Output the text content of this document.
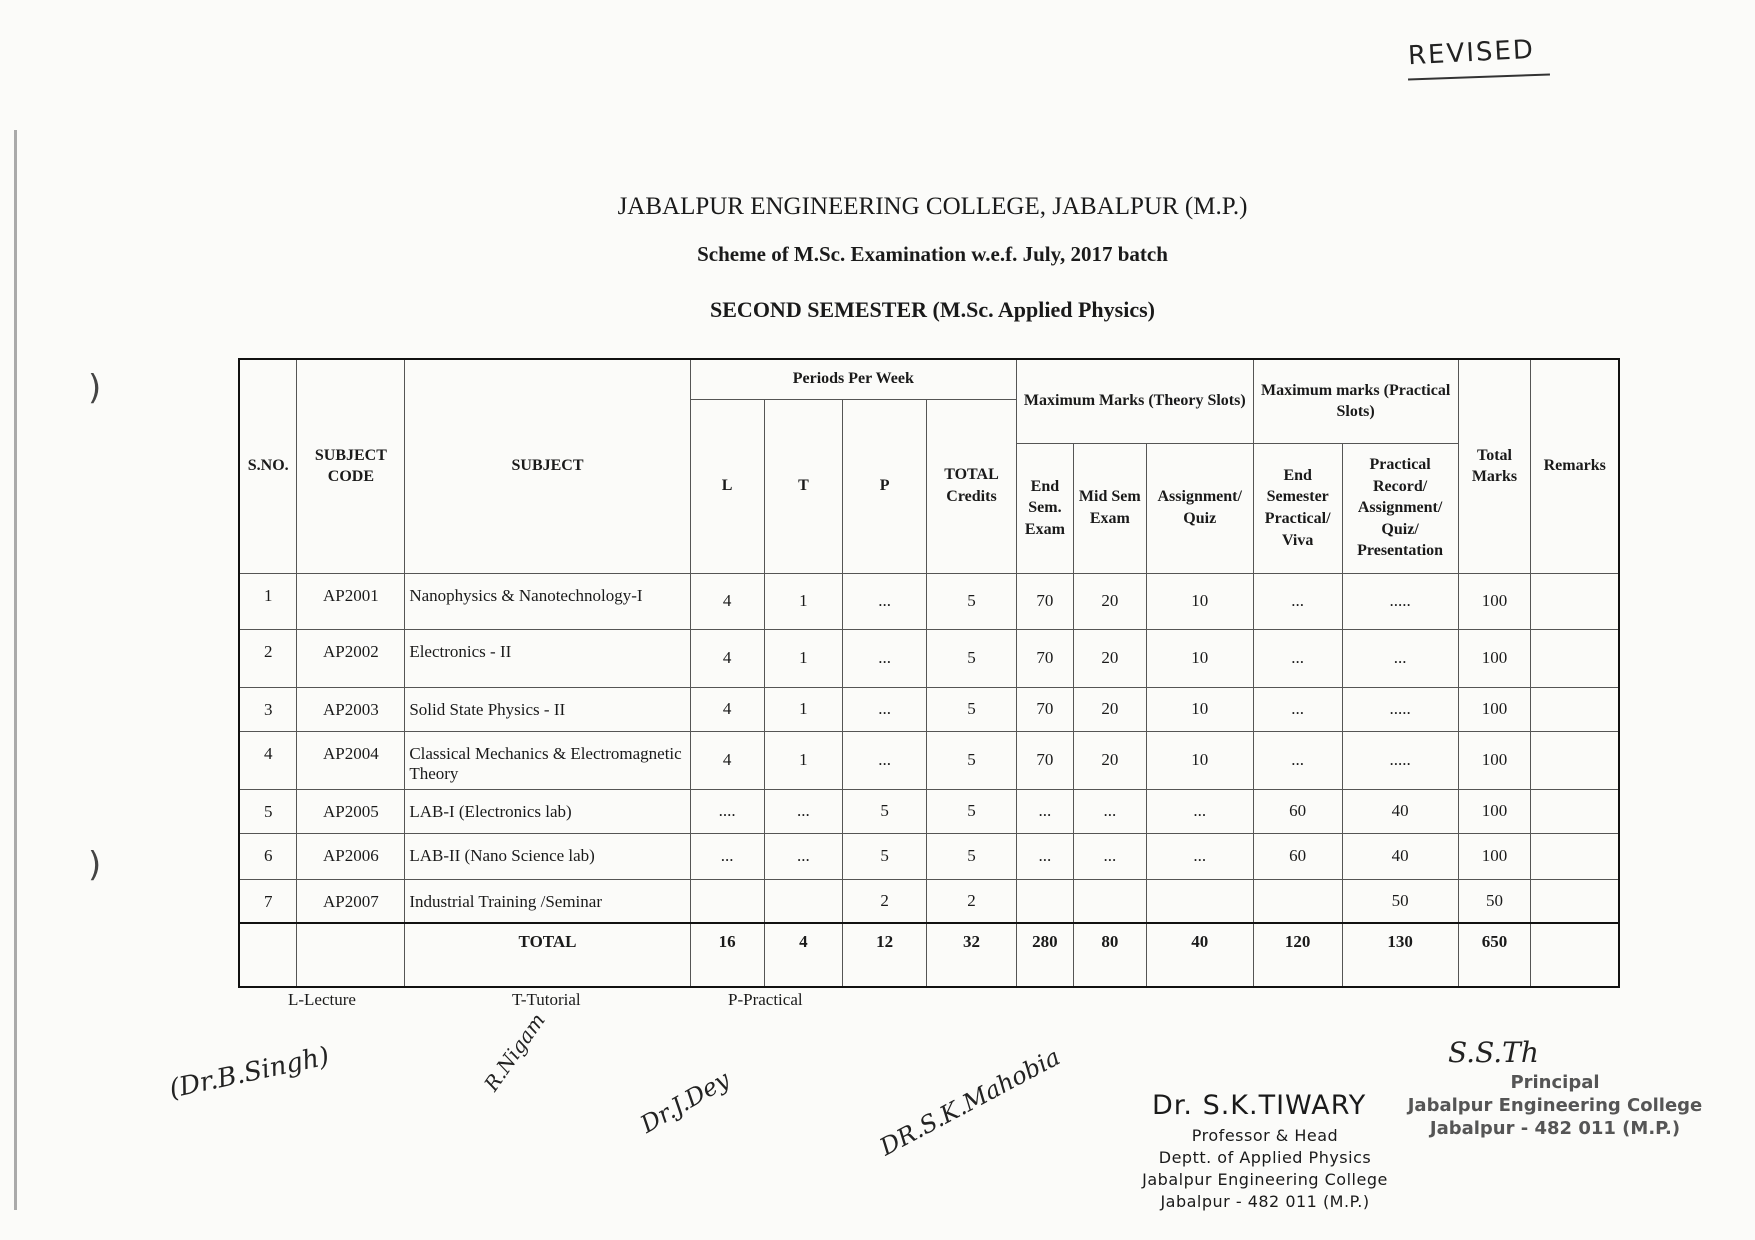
)
)
REVISED
JABALPUR ENGINEERING COLLEGE, JABALPUR (M.P.)
Scheme of M.Sc. Examination w.e.f. July, 2017 batch
SECOND SEMESTER (M.Sc. Applied Physics)
S.NO.	SUBJECT CODE	SUBJECT	Periods Per Week				Maximum Marks (Theory Slots)			Maximum marks (Practical Slots)		Total Marks	Remarks
			L	T	P	TOTAL Credits							
							End Sem. Exam	Mid Sem Exam	Assignment/ Quiz	End Semester Practical/ Viva	Practical Record/ Assignment/ Quiz/ Presentation		
1	AP2001	Nanophysics & Nanotechnology-I	4	1	...	5	70	20	10	...	.....	100	
2	AP2002	Electronics - II	4	1	...	5	70	20	10	...	...	100	
3	AP2003	Solid State Physics - II	4	1	...	5	70	20	10	...	.....	100	
4	AP2004	Classical Mechanics & Electromagnetic Theory	4	1	...	5	70	20	10	...	.....	100	
5	AP2005	LAB-I (Electronics lab)	....	...	5	5	...	...	...	60	40	100	
6	AP2006	LAB-II (Nano Science lab)	...	...	5	5	...	...	...	60	40	100	
7	AP2007	Industrial Training /Seminar			2	2					50	50	
		TOTAL	16	4	12	32	280	80	40	120	130	650	
L-Lecture	T-Tutorial	P-Practical
(Dr.B.Singh)	R.Nigam
Dr.J.Dey	DR.S.K.Mahobia	Dr. S.K.TIWARY
Professor & Head
Deptt. of Applied Physics
Jabalpur Engineering College
Jabalpur - 482 011 (M.P.)
S.S.Th
Principal
Jabalpur Engineering College
Jabalpur - 482 011 (M.P.)
